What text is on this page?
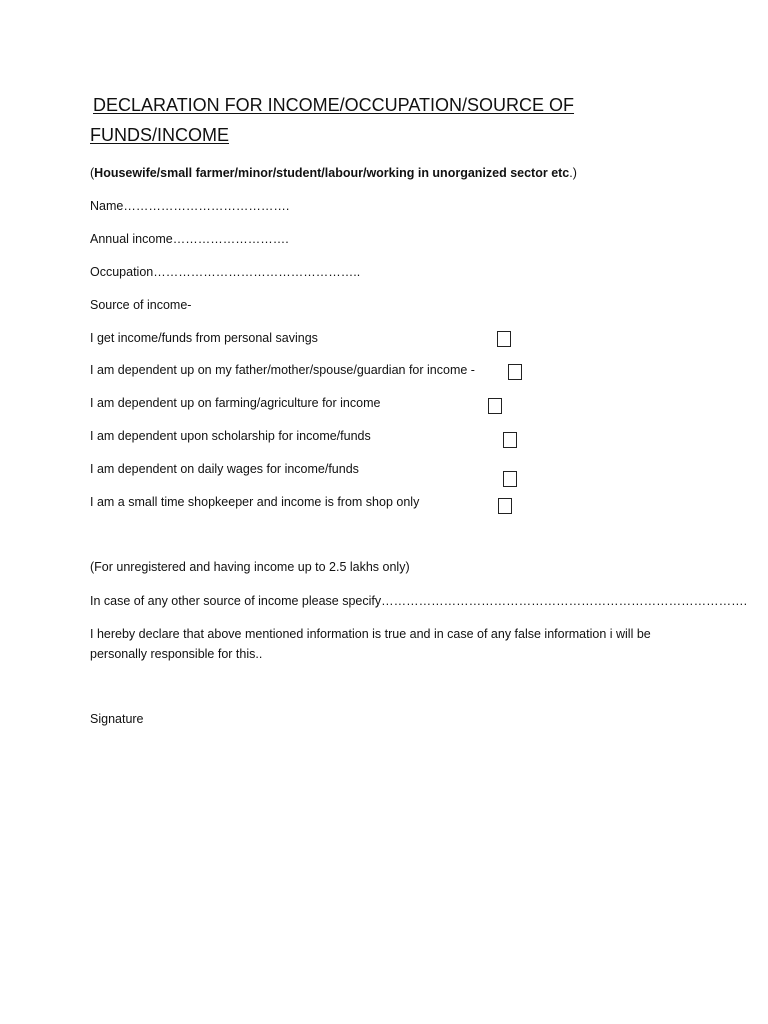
DECLARATION FOR INCOME/OCCUPATION/SOURCE OF
FUNDS/INCOME
(Housewife/small farmer/minor/student/labour/working in unorganized sector etc.)
Name………………………………….
Annual income……………………….
Occupation…………………………………………..
Source of income-
I get income/funds from personal savings
I am dependent up on my father/mother/spouse/guardian for income -
I am dependent up on farming/agriculture for income
I am dependent upon scholarship for income/funds
I am dependent on daily wages for income/funds
I am a small time shopkeeper and income is from shop only
(For unregistered and having income up to 2.5 lakhs only)
In case of any other source of income please specify…………………………………………………………………………….
I hereby declare that above mentioned information is true and in case of any false information i will be personally responsible for this..
Signature
